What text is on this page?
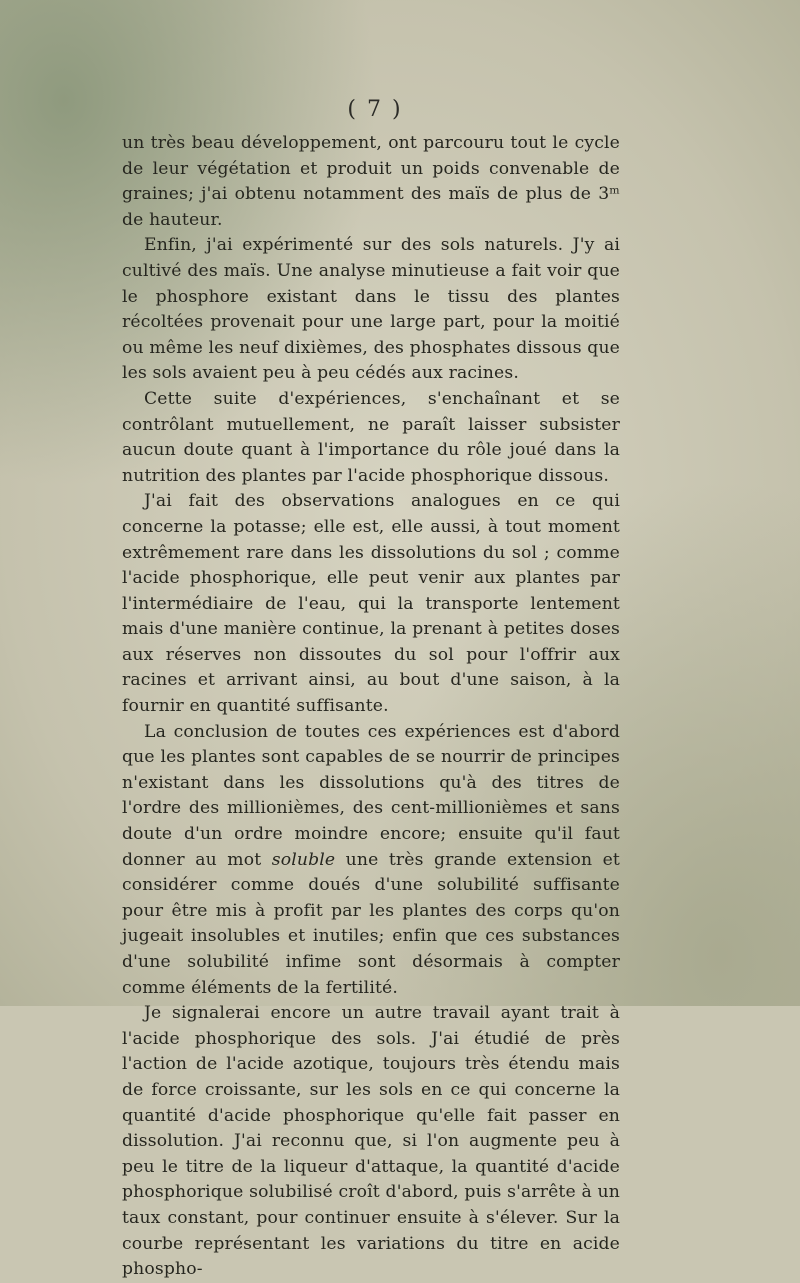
( 7 )

un très beau développement, ont parcouru tout le cycle de leur végétation et produit un poids convenable de graines; j'ai obtenu notamment des maïs de plus de 3ᵐ de hauteur.

Enfin, j'ai expérimenté sur des sols naturels. J'y ai cultivé des maïs. Une analyse minutieuse a fait voir que le phosphore existant dans le tissu des plantes récoltées provenait pour une large part, pour la moitié ou même les neuf dixièmes, des phosphates dissous que les sols avaient peu à peu cédés aux racines.

Cette suite d'expériences, s'enchaînant et se contrôlant mutuellement, ne paraît laisser subsister aucun doute quant à l'importance du rôle joué dans la nutrition des plantes par l'acide phosphorique dissous.

J'ai fait des observations analogues en ce qui concerne la potasse; elle est, elle aussi, à tout moment extrêmement rare dans les dissolutions du sol ; comme l'acide phosphorique, elle peut venir aux plantes par l'intermédiaire de l'eau, qui la transporte lentement mais d'une manière continue, la prenant à petites doses aux réserves non dissoutes du sol pour l'offrir aux racines et arrivant ainsi, au bout d'une saison, à la fournir en quantité suffisante.

La conclusion de toutes ces expériences est d'abord que les plantes sont capables de se nourrir de principes n'existant dans les dissolutions qu'à des titres de l'ordre des millionièmes, des cent-millionièmes et sans doute d'un ordre moindre encore; ensuite qu'il faut donner au mot soluble une très grande extension et considérer comme doués d'une solubilité suffisante pour être mis à profit par les plantes des corps qu'on jugeait insolubles et inutiles; enfin que ces substances d'une solubilité infime sont désormais à compter comme éléments de la fertilité.

Je signalerai encore un autre travail ayant trait à l'acide phosphorique des sols. J'ai étudié de près l'action de l'acide azotique, toujours très étendu mais de force croissante, sur les sols en ce qui concerne la quantité d'acide phosphorique qu'elle fait passer en dissolution. J'ai reconnu que, si l'on augmente peu à peu le titre de la liqueur d'attaque, la quantité d'acide phosphorique solubilisé croît d'abord, puis s'arrête à un taux constant, pour continuer ensuite à s'élever. Sur la courbe représentant les variations du titre en acide phospho-
